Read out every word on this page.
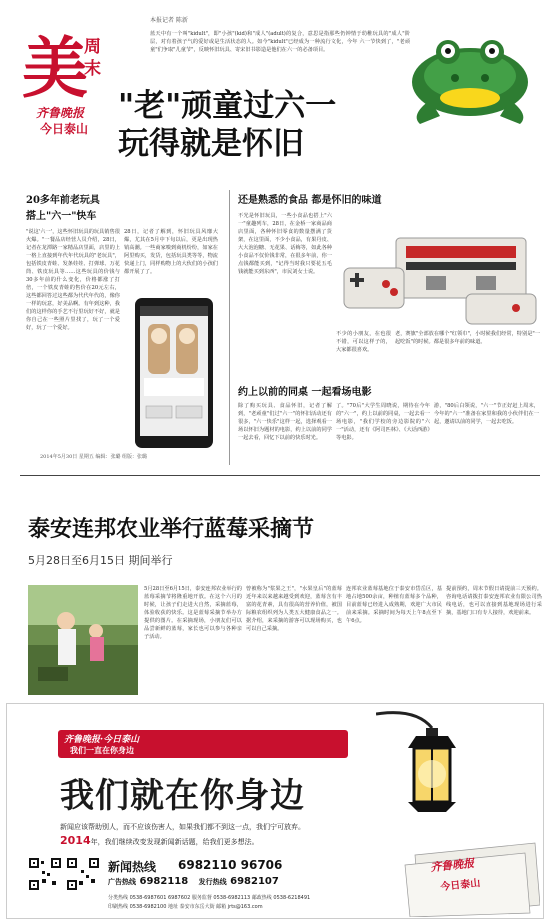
美
周末
齐鲁晚报
今日泰山
本报记者 陈新
蓝天中有一个叫"kidult"，即"小孩"(kid)和"成人"(adult)的复合，意思是指那些仍钟情于幼稚玩具的"成人"阶层，对有着孩子气的爱好或是生活状态的人。如今"kidult"已经成为一种流行文化，今年 六一节快到了，"老顽童"们争取"儿童节"，反映怀旧玩具、寄宋旧书影造是他们在六一的必备项目。
"老"顽童过六一
玩得就是怀旧
20多年前老玩具
搭上"六一"快车
"说这'六一'，这些怀旧玩具的玩具销售很火爆。"一餐品店经营人员介绍，28日，记者在龙潭路一家精品店里面，店里的上一格上直接到年代年代玩具的"老玩具"，包括铁皮青蛙、发条娃娃、打弹球、万花筒、铁皮玩具等……这些玩具的价钱与30多年前的什么变化，价格都涨了打倍，一个铁皮青蛙的售价在20元左右，这些都回答过这些都为代代年代的，像你一样的玩意，好美品啊。有年到这种，我们的这样你的手艺不行里玩好不好，就是你自己在一些照片里找了，玩了一个爱好，玩了一个爱好。
28日，记者了解到，怀旧玩具风靡大爆，尤其在5月中下旬以后，更是出现热销高潮。一些商家嗅到商机纷纷，如家在阿里购买，发货，包括玩具类等等，物流快递上门，同样购物上的大伙们的小孩们都开展了了。
2014年5月30日 星期五 编辑：张璐 组版：张璐
还是熟悉的食品 都是怀旧的味道
不光是怀旧玩具，一些小食品也搭上"六一"童趣列车，28日，在金桥一家商品商店里面，各种怀旧零食的数量摆满了货架，在这里面，不少小食品，有果丹皮、大大泡泡糖、无花果、话梅等，如此各种小食品不仅价钱非常，在很多年前，你一点钱都能买到，"记得当时我只要花五毛钱就能买到东西"，市民刘女士说。
不少的小朋友，在也很不错，可以这样子的，大家都很喜欢。
老，赛旗"全部放在哪个"红领巾"，小时候我们经常，特别是"一起吃饭"的时候。都是很多年前的味道。
约上以前的同桌 一起看场电影
除了购买玩具、食品怀旧，记者了解到，"老顽童"们过"六一"的怀旧活动还有很多，"六一快乐"这样一起，选择观看一场以怀旧为题材的电影，约上以前的同学一起去看，回忆下以前的快乐时光。
了。"70后"大学生周晓说，期待在今年的"六一"，约上以前的同桌，一起去看一场电影，"我们学校的旁边影院的"六一"活动，还有《阿司匹林》、《大话西游》等电影。
游，"80后白领说，"六一"节正好赶上周末，今年的"六一"准备在家里和我的小伙伴们在一起，邀请以前的同学，一起去吃饭。
泰安连邦农业举行蓝莓采摘节
5月28日至6月15日 期间举行
5月28日至6月15日，泰安连邦农业举行的蓝莓采摘节将隆重地开放。在这个六月的时候，让孩子们走进大自然，采摘蓝莓，体验收获的快乐。这是蓝莓采摘节举办方提供的图片。在采摘现场，小朋友们可以品尝新鲜的蓝莓，家长也可以参与各种亲子活动。
曾被称为"浆果之王"，"水果皇后"的蓝莓近年来以来越来越受到欢迎，蓝莓含有丰富的花青素，具有很高的营养价值，被国际粮农组织列为人类五大健康食品之一。据介绍，来采摘的游客可以现场购买，也可以自己采摘。
连邦农业蓝莓基地位于泰安市岱岳区，基地占地500余亩，种植有蓝莓多个品种，目前蓝莓已经进入成熟期，欢迎广大市民前来采摘。采摘时间为每天上午8点至下午6点。
提前预约，周末节假日请提前三天预约。咨询电话请拨打泰安连邦农业有限公司热线电话，也可以直接到基地现场进行采摘，基地门口有专人接待，欢迎前来。
齐鲁晚报·今日泰山
我们一直在你身边
我们就在你身边
新闻应该帮助别人，而不应该伤害人，如果我们都不到这一点，我们宁可放弃。
2014年，我们继续改变发现新闻新话题，给我们更多想法。
新闻热线	6982110 96706
广告热线 6982118 发行热线 6982107
分类热线 0538-6987601 6987602 服务监督 0538-6982113 邮政热线 0538-6218491
印刷热线 0538-6982100 地址 泰安市东岳大街 邮箱 jrts@163.com
齐鲁晚报
今日泰山
